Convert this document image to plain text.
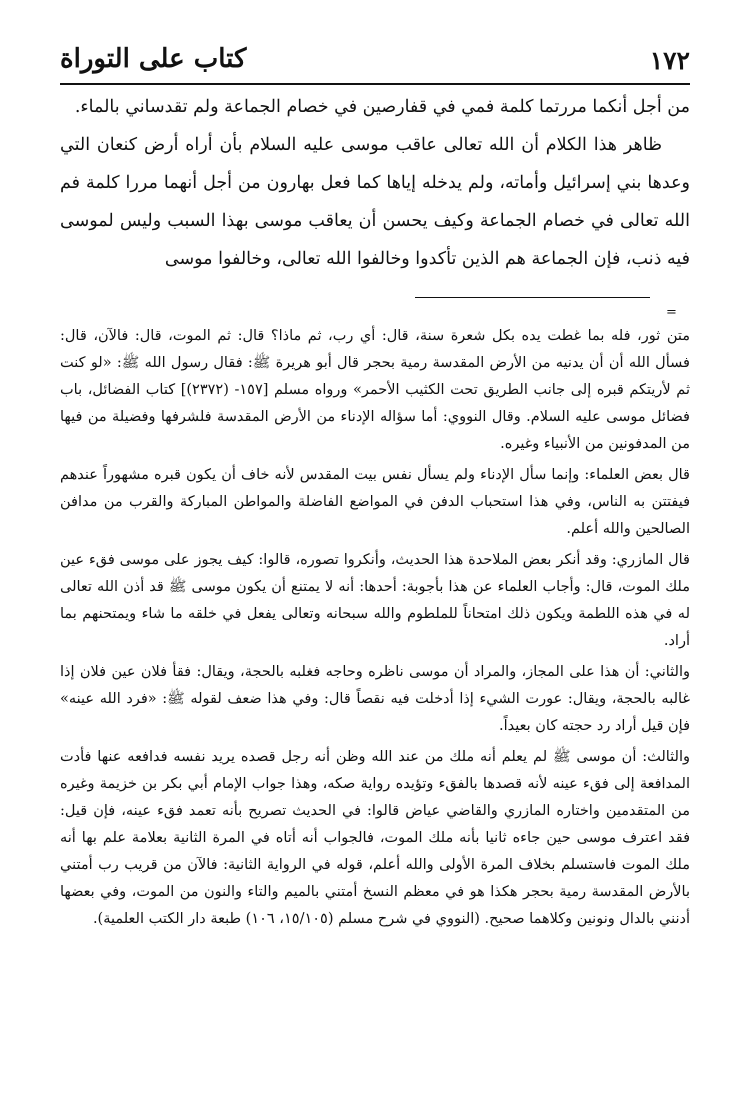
١٧٢
كتاب على التوراة

من أجل أنكما مررتما كلمة فمي في قفارصين في خصام الجماعة ولم تقدساني بالماء.

ظاهر هذا الكلام أن الله تعالى عاقب موسى عليه السلام بأن أراه أرض كنعان التي وعدها بني إسرائيل وأماته، ولم يدخله إياها كما فعل بهارون من أجل أنهما مررا كلمة فم الله تعالى في خصام الجماعة وكيف يحسن أن يعاقب موسى بهذا السبب وليس لموسى فيه ذنب، فإن الجماعة هم الذين تأكدوا وخالفوا الله تعالى، وخالفوا موسى

=

متن ثور، فله بما غطت يده بكل شعرة سنة، قال: أي رب، ثم ماذا؟ قال: ثم الموت، قال: فالآن، قال: فسأل الله أن أن يدنيه من الأرض المقدسة رمية بحجر قال أبو هريرة ﷺ: فقال رسول الله ﷺ: «لو كنت ثم لأريتكم قبره إلى جانب الطريق تحت الكثيب الأحمر» ورواه مسلم [١٥٧- (٢٣٧٢)] كتاب الفضائل، باب فضائل موسى عليه السلام. وقال النووي: أما سؤاله الإدناء من الأرض المقدسة فلشرفها وفضيلة من فيها من المدفونين من الأنبياء وغيره.

قال بعض العلماء: وإنما سأل الإدناء ولم يسأل نفس بيت المقدس لأنه خاف أن يكون قبره مشهوراً عندهم فيفتتن به الناس، وفي هذا استحباب الدفن في المواضع الفاضلة والمواطن المباركة والقرب من مدافن الصالحين والله أعلم.

قال المازري: وقد أنكر بعض الملاحدة هذا الحديث، وأنكروا تصوره، قالوا: كيف يجوز على موسى فقء عين ملك الموت، قال: وأجاب العلماء عن هذا بأجوبة: أحدها: أنه لا يمتنع أن يكون موسى ﷺ قد أذن الله تعالى له في هذه اللطمة ويكون ذلك امتحاناً للملطوم والله سبحانه وتعالى يفعل في خلقه ما شاء ويمتحنهم بما أراد.

والثاني: أن هذا على المجاز، والمراد أن موسى ناظره وحاجه فغلبه بالحجة، ويقال: فقأ فلان عين فلان إذا غالبه بالحجة، ويقال: عورت الشيء إذا أدخلت فيه نقصاً قال: وفي هذا ضعف لقوله ﷺ: «فرد الله عينه» فإن قيل أراد رد حجته كان بعيداً.

والثالث: أن موسى ﷺ لم يعلم أنه ملك من عند الله وظن أنه رجل قصده يريد نفسه فدافعه عنها فأدت المدافعة إلى فقء عينه لأنه قصدها بالفقء وتؤيده رواية صكه، وهذا جواب الإمام أبي بكر بن خزيمة وغيره من المتقدمين واختاره المازري والقاضي عياض قالوا: في الحديث تصريح بأنه تعمد فقء عينه، فإن قيل: فقد اعترف موسى حين جاءه ثانيا بأنه ملك الموت، فالجواب أنه أتاه في المرة الثانية بعلامة علم بها أنه ملك الموت فاستسلم بخلاف المرة الأولى والله أعلم، قوله في الرواية الثانية: فالآن من قريب رب أمتني بالأرض المقدسة رمية بحجر هكذا هو في معظم النسخ أمتني بالميم والتاء والنون من الموت، وفي بعضها أدنني بالدال ونونين وكلاهما صحيح. (النووي في شرح مسلم (١٥/١٠٥، ١٠٦) طبعة دار الكتب العلمية).
